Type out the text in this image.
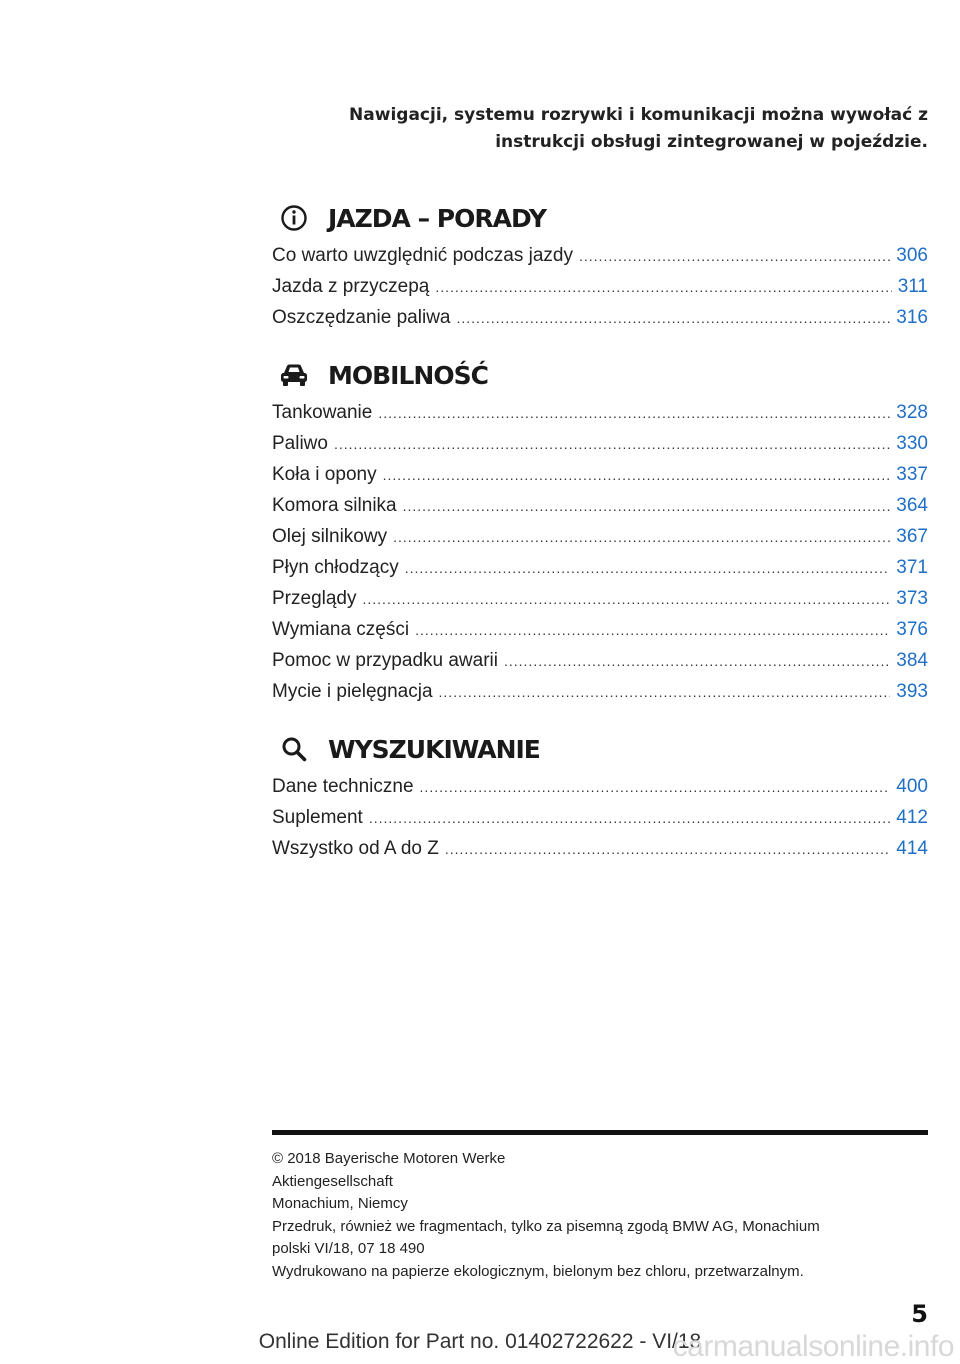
Nawigacji, systemu rozrywki i komunikacji można wywołać z
instrukcji obsługi zintegrowanej w pojeździe.
JAZDA – PORADY
Co warto uwzględnić podczas jazdy .....	306
Jazda z przyczepą .....	311
Oszczędzanie paliwa .....	316
MOBILNOŚĆ
Tankowanie .....	328
Paliwo .....	330
Koła i opony .....	337
Komora silnika .....	364
Olej silnikowy .....	367
Płyn chłodzący .....	371
Przeglądy .....	373
Wymiana części .....	376
Pomoc w przypadku awarii .....	384
Mycie i pielęgnacja .....	393
WYSZUKIWANIE
Dane techniczne .....	400
Suplement .....	412
Wszystko od A do Z .....	414
© 2018 Bayerische Motoren Werke
Aktiengesellschaft
Monachium, Niemcy
Przedruk, również we fragmentach, tylko za pisemną zgodą BMW AG, Monachium
polski VI/18, 07 18 490
Wydrukowano na papierze ekologicznym, bielonym bez chloru, przetwarzalnym.
5
Online Edition for Part no. 01402722622 - VI/18
carmanualsonline.info
